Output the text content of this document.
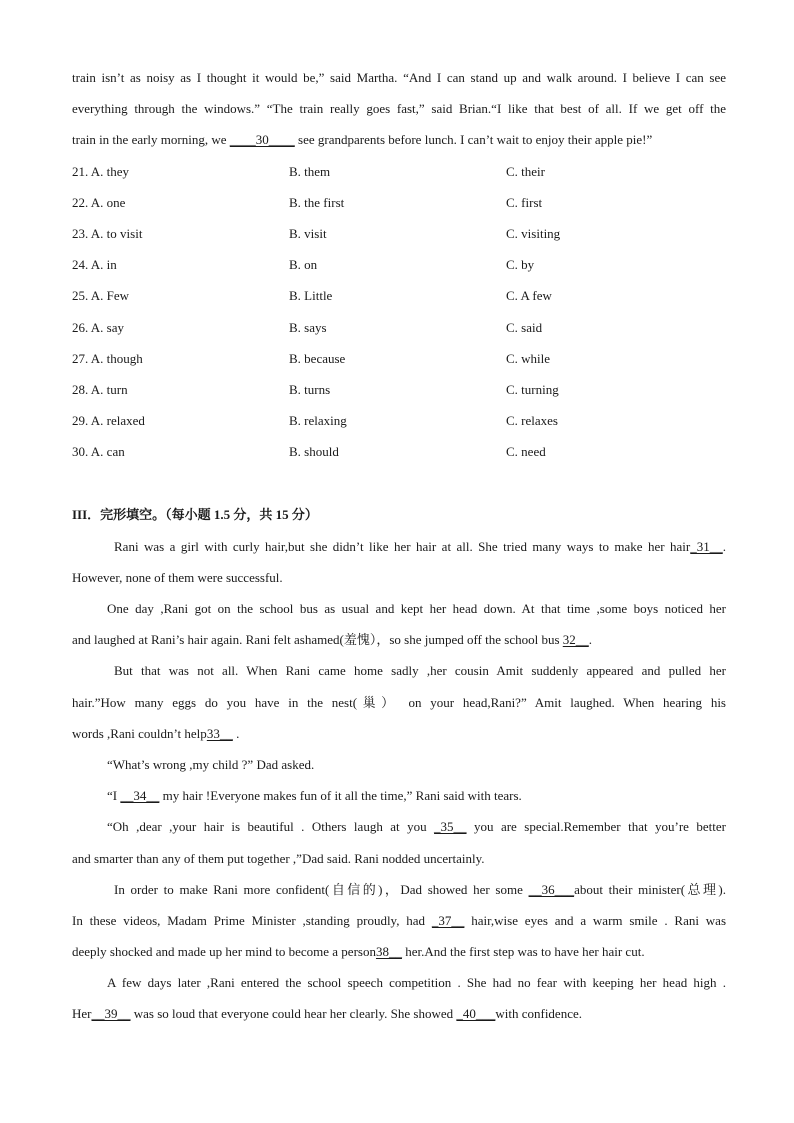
train isn’t as noisy as I thought it would be,” said Martha. “And I can stand up and walk around. I believe I can see
everything through the windows.” “The train really goes fast,” said Brian.“I like that best of all. If we get off the
train in the early morning, we ____30____ see grandparents before lunch. I can’t wait to enjoy their apple pie!”
21. A. they	B. them	C. their
22. A. one	B. the first	C. first
23. A. to visit	B. visit	C. visiting
24. A. in	B. on	C. by
25. A. Few	B. Little	C. A few
26. A. say	B. says	C. said
27. A. though	B. because	C. while
28. A. turn	B. turns	C. turning
29. A. relaxed	B. relaxing	C. relaxes
30. A. can	B. should	C. need
III．完形填空。（每小题 1.5 分，共 15 分）
Rani was a girl with curly hair,but she didn’t like her hair at all. She tried many ways to make her hair_31__.
However, none of them were successful.
One day ,Rani got on the school bus as usual and kept her head down. At that time ,some boys noticed her
and laughed at Rani’s hair again. Rani felt ashamed(羞愧），so she jumped off the school bus 32__.
But that was not all. When Rani came home sadly ,her cousin Amit suddenly appeared and pulled her
hair.”How many eggs do you have in the nest(巢） on your head,Rani?” Amit laughed. When hearing his
words ,Rani couldn’t help33__ .
“What’s wrong ,my child ?” Dad asked.
“I __34__ my hair !Everyone makes fun of it all the time,” Rani said with tears.
“Oh ,dear ,your hair is beautiful . Others laugh at you _35__ you are special.Remember that you’re better
and smarter than any of them put together ,”Dad said. Rani nodded uncertainly.
In order to make Rani more confident(自信的)，Dad showed her some __36___about their minister(总理).
In these videos, Madam Prime Minister ,standing proudly, had _37__ hair,wise eyes and a warm smile . Rani was
deeply shocked and made up her mind to become a person38__ her.And the first step was to have her hair cut.
A few days later ,Rani entered the school speech competition . She had no fear with keeping her head high .
Her__39__ was so loud that everyone could hear her clearly. She showed _40___with confidence.
